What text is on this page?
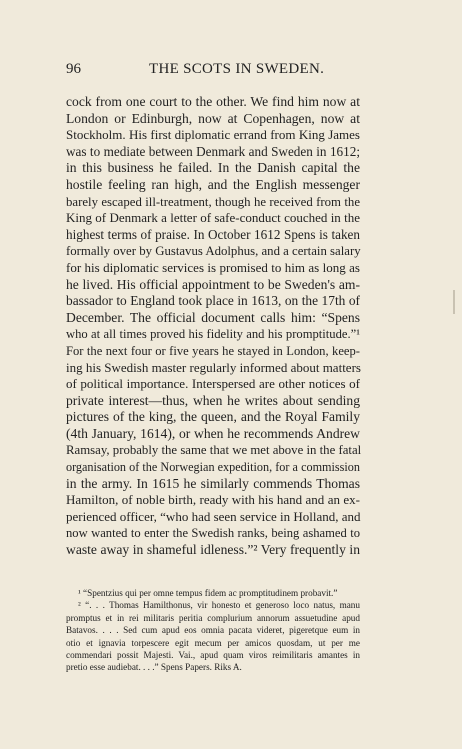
96	THE SCOTS IN SWEDEN.
cock from one court to the other. We find him now at
London or Edinburgh, now at Copenhagen, now at
Stockholm. His first diplomatic errand from King James
was to mediate between Denmark and Sweden in 1612;
in this business he failed. In the Danish capital the
hostile feeling ran high, and the English messenger
barely escaped ill-treatment, though he received from the
King of Denmark a letter of safe-conduct couched in the
highest terms of praise. In October 1612 Spens is taken
formally over by Gustavus Adolphus, and a certain salary
for his diplomatic services is promised to him as long as
he lived. His official appointment to be Sweden's am-
bassador to England took place in 1613, on the 17th of
December. The official document calls him: “Spens
who at all times proved his fidelity and his promptitude.”¹
For the next four or five years he stayed in London, keep-
ing his Swedish master regularly informed about matters
of political importance. Interspersed are other notices of
private interest—thus, when he writes about sending
pictures of the king, the queen, and the Royal Family
(4th January, 1614), or when he recommends Andrew
Ramsay, probably the same that we met above in the fatal
organisation of the Norwegian expedition, for a commission
in the army. In 1615 he similarly commends Thomas
Hamilton, of noble birth, ready with his hand and an ex-
perienced officer, “who had seen service in Holland, and
now wanted to enter the Swedish ranks, being ashamed to
waste away in shameful idleness.”² Very frequently in
¹ “Spentzius qui per omne tempus fidem ac promptitudinem probavit.”
² “. . . Thomas Hamilthonus, vir honesto et generoso loco natus, manu
promptus et in rei militaris peritia complurium annorum assuetudine apud
Batavos. . . . Sed cum apud eos omnia pacata videret, pigeretque eum in
otio et ignavia torpescere egit mecum per amicos quosdam, ut per me
commendari possit Majesti. Vai., apud quam viros reimilitaris amantes in
pretio esse audiebat. . . .” Spens Papers. Riks A.
